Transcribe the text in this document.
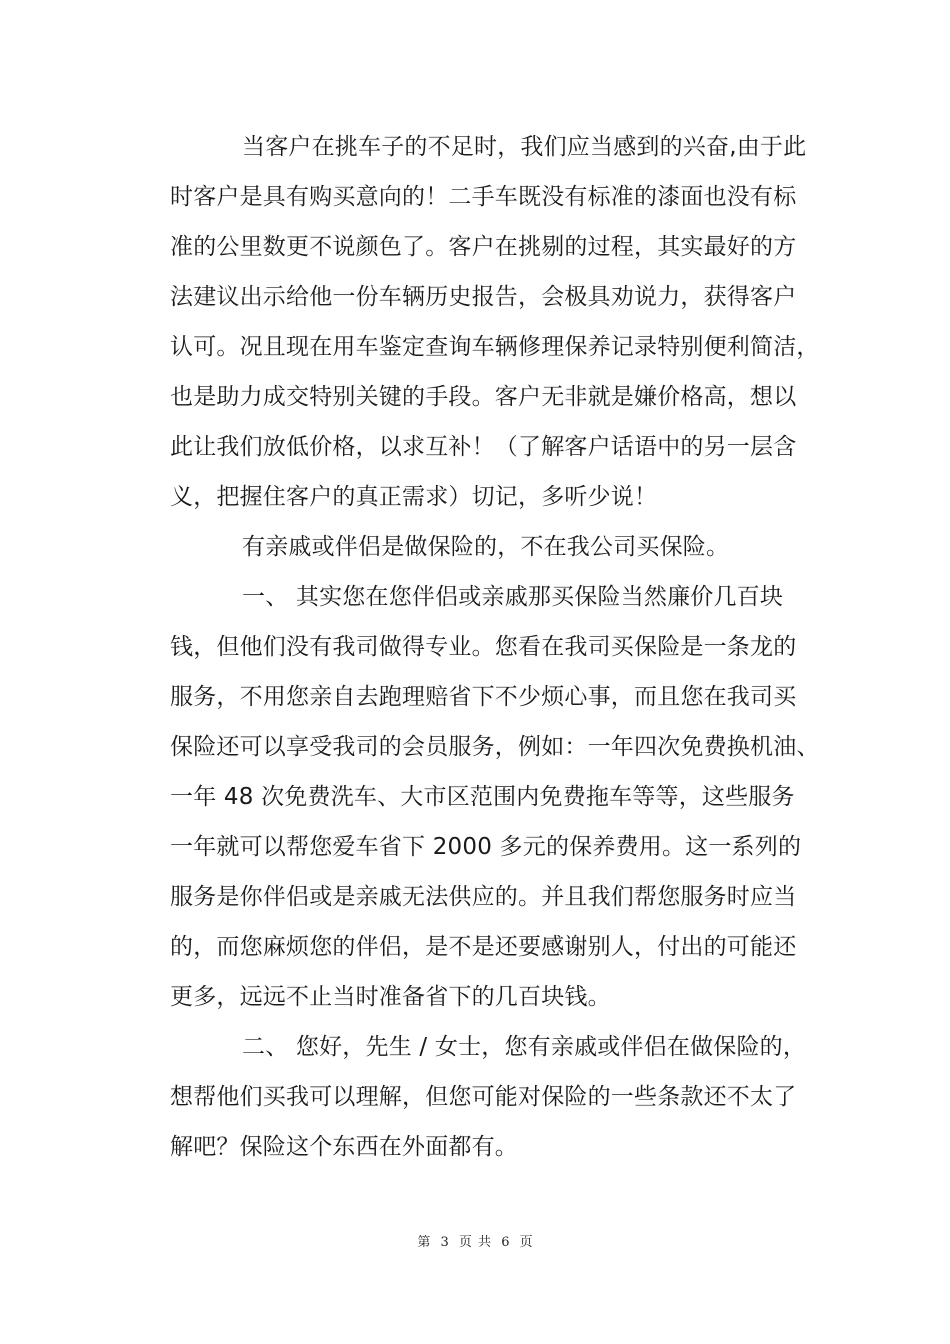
当客户在挑车子的不足时，我们应当感到的兴奋,由于此
时客户是具有购买意向的！二手车既没有标准的漆面也没有标
准的公里数更不说颜色了。客户在挑剔的过程，其实最好的方
法建议出示给他一份车辆历史报告，会极具劝说力，获得客户
认可。况且现在用车鉴定查询车辆修理保养记录特别便利简洁，
也是助力成交特别关键的手段。客户无非就是嫌价格高，想以
此让我们放低价格，以求互补！（了解客户话语中的另一层含
义，把握住客户的真正需求）切记，多听少说！
有亲戚或伴侣是做保险的，不在我公司买保险。
一、 其实您在您伴侣或亲戚那买保险当然廉价几百块
钱，但他们没有我司做得专业。您看在我司买保险是一条龙的
服务，不用您亲自去跑理赔省下不少烦心事，而且您在我司买
保险还可以享受我司的会员服务，例如：一年四次免费换机油、
一年 48 次免费洗车、大市区范围内免费拖车等等，这些服务
一年就可以帮您爱车省下 2000 多元的保养费用。这一系列的
服务是你伴侣或是亲戚无法供应的。并且我们帮您服务时应当
的，而您麻烦您的伴侣，是不是还要感谢别人，付出的可能还
更多，远远不止当时准备省下的几百块钱。
二、 您好，先生 / 女士，您有亲戚或伴侣在做保险的，
想帮他们买我可以理解，但您可能对保险的一些条款还不太了
解吧？保险这个东西在外面都有。
第 3 页 共 6 页
